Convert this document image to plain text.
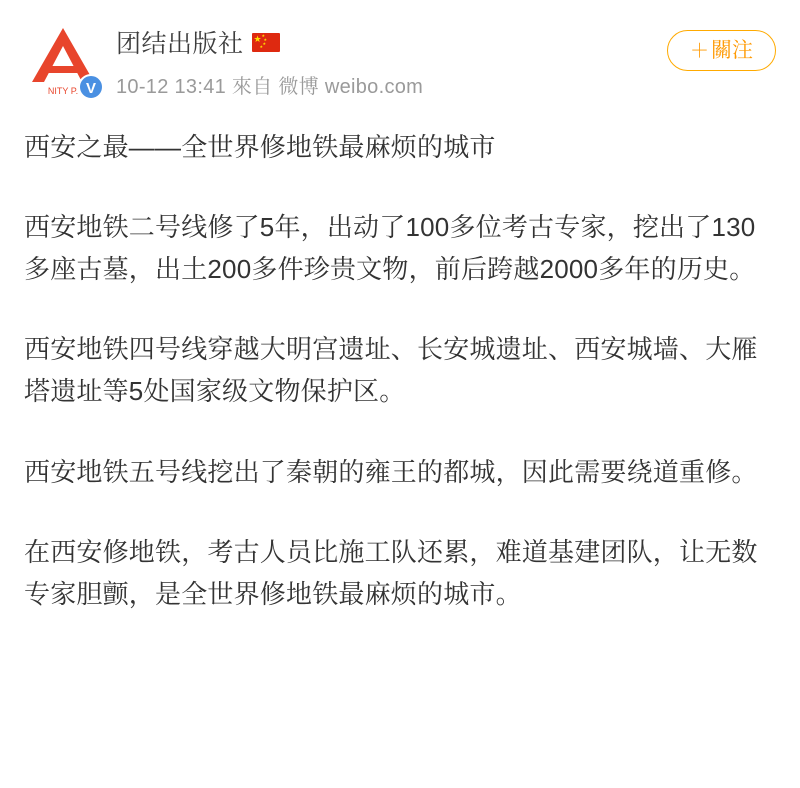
NITY P. V
团结出版社 ★ ★
★
★
★
10-12 13:41 來自 微博 weibo.com
＋關注

西安之最——全世界修地铁最麻烦的城市

西安地铁二号线修了5年，出动了100多位考古专家，挖出了130多座古墓，出土200多件珍贵文物，前后跨越2000多年的历史。

西安地铁四号线穿越大明宫遗址、长安城遗址、西安城墙、大雁塔遗址等5处国家级文物保护区。

西安地铁五号线挖出了秦朝的雍王的都城，因此需要绕道重修。

在西安修地铁，考古人员比施工队还累，难道基建团队，让无数专家胆颤，是全世界修地铁最麻烦的城市。
